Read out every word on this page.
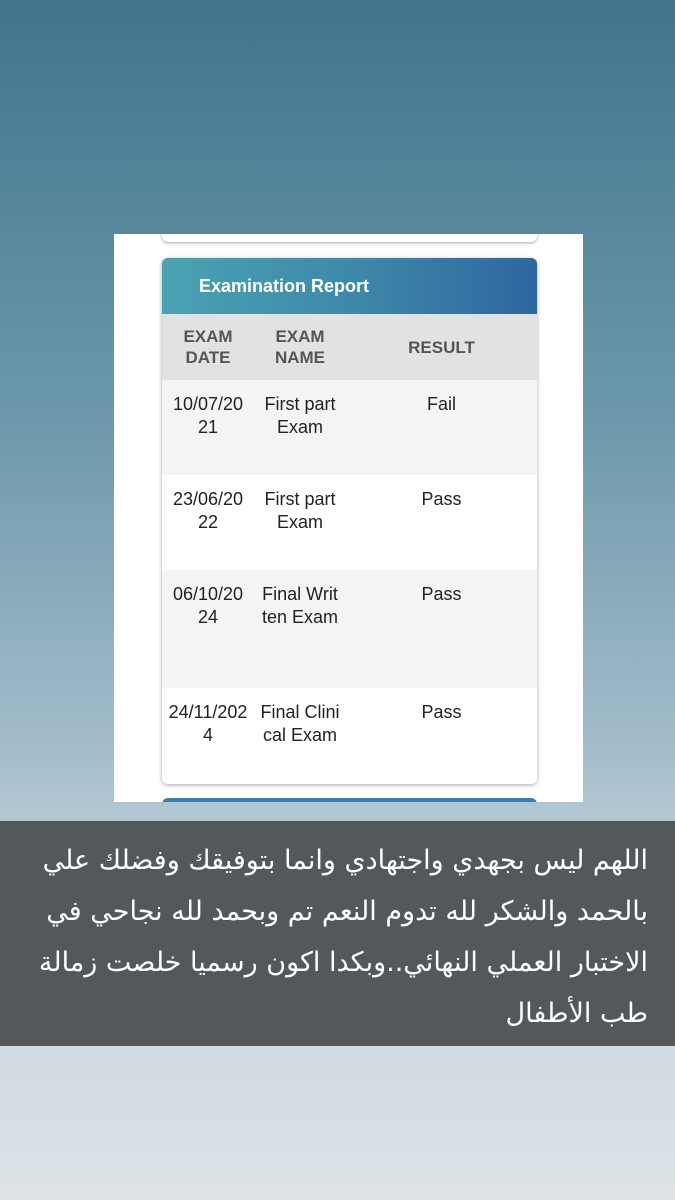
Examination Report
EXAM DATE	EXAM NAME	RESULT
10/07/2021	First part Exam	Fail
23/06/2022	First part Exam	Pass
06/10/2024	Final Written Exam	Pass
24/11/2024	Final Clinical Exam	Pass
اللهم ليس بجهدي واجتهادي وانما بتوفيقك وفضلك علي بالحمد والشكر لله تدوم النعم تم وبحمد لله نجاحي في الاختبار العملي النهائي..وبكدا اكون رسميا خلصت زمالة طب الأطفال
